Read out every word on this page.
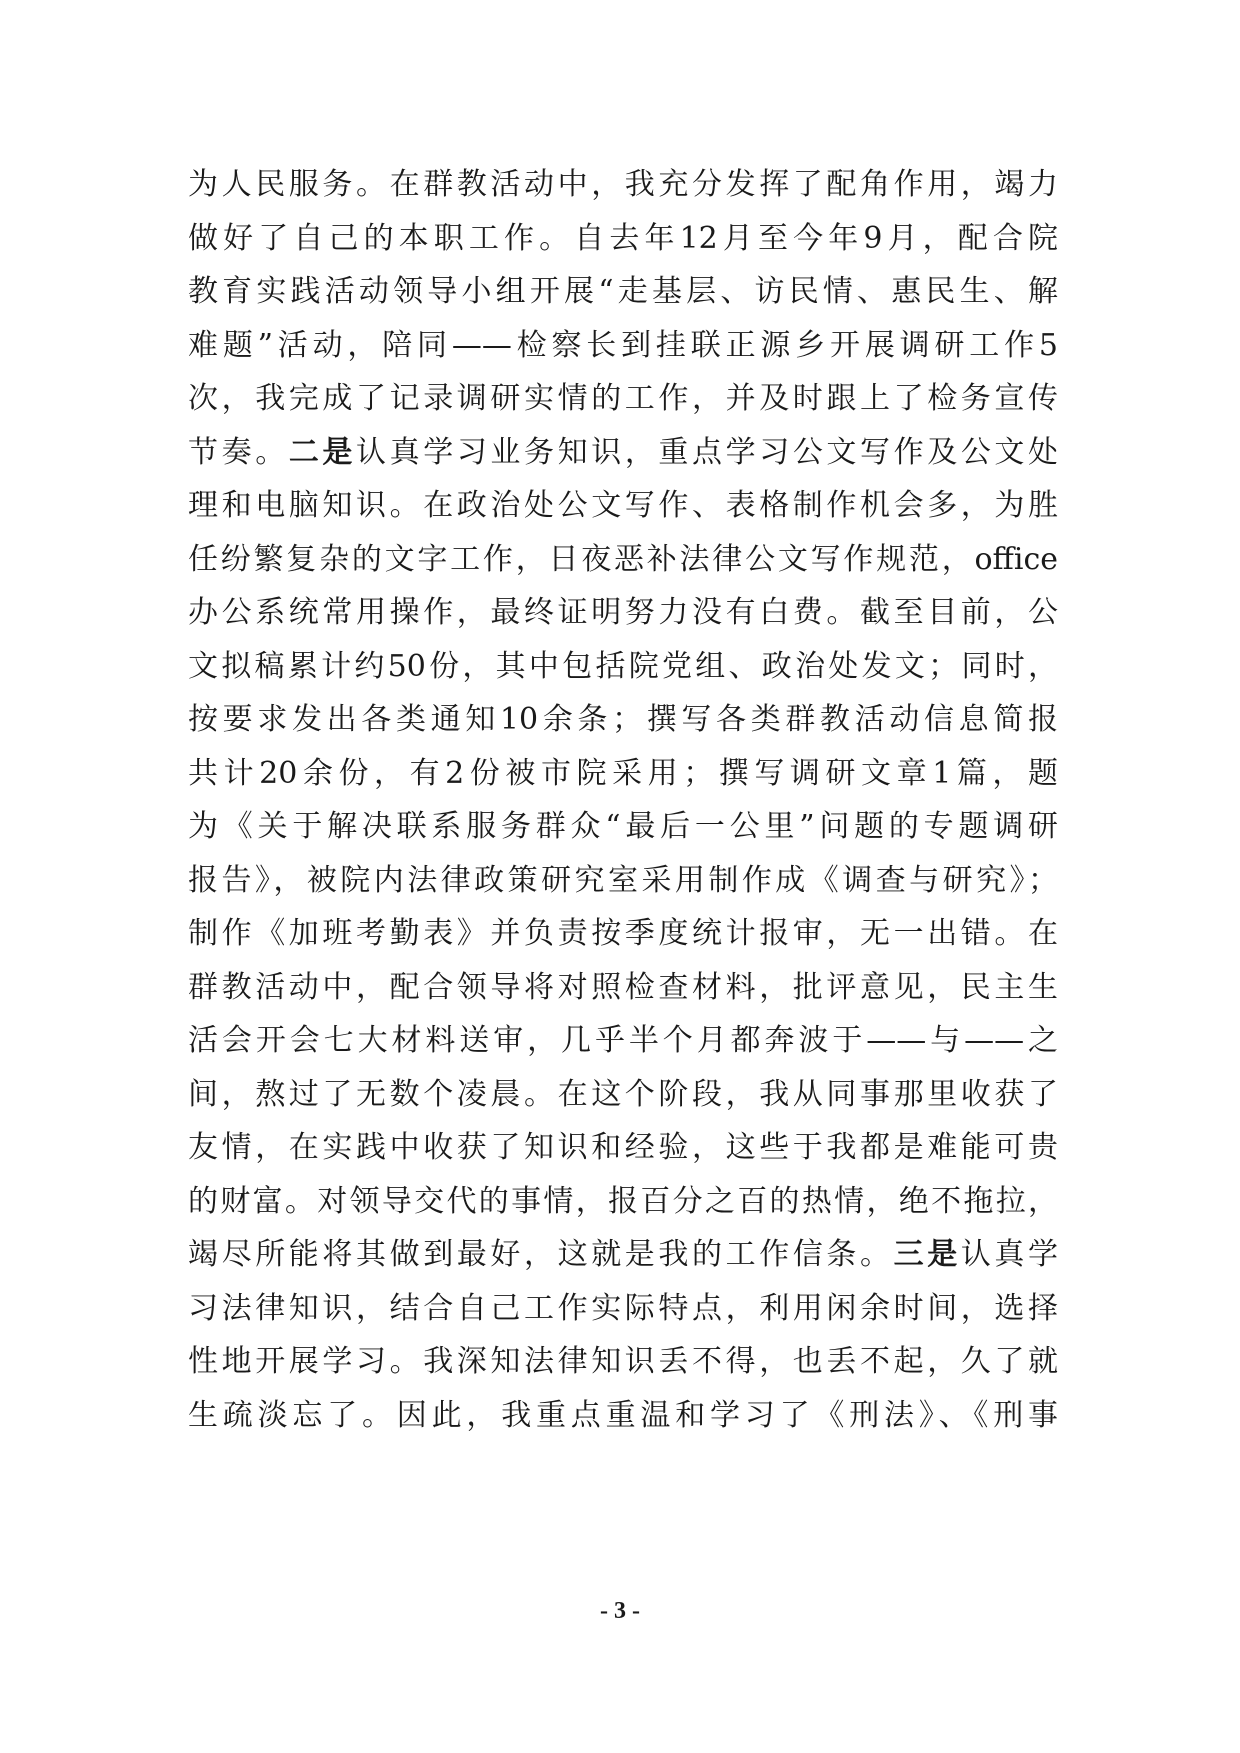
为人民服务。在群教活动中，我充分发挥了配角作用，竭力
做好了自己的本职工作。自去年12月至今年9月，配合院
教育实践活动领导小组开展“走基层、访民情、惠民生、解
难题”活动，陪同——检察长到挂联正源乡开展调研工作5
次，我完成了记录调研实情的工作，并及时跟上了检务宣传
节奏。二是认真学习业务知识，重点学习公文写作及公文处
理和电脑知识。在政治处公文写作、表格制作机会多，为胜
任纷繁复杂的文字工作，日夜恶补法律公文写作规范，office
办公系统常用操作，最终证明努力没有白费。截至目前，公
文拟稿累计约50份，其中包括院党组、政治处发文；同时，
按要求发出各类通知10余条；撰写各类群教活动信息简报
共计20余份，有2份被市院采用；撰写调研文章1篇，题
为《关于解决联系服务群众“最后一公里”问题的专题调研
报告》，被院内法律政策研究室采用制作成《调查与研究》；
制作《加班考勤表》并负责按季度统计报审，无一出错。在
群教活动中，配合领导将对照检查材料，批评意见，民主生
活会开会七大材料送审，几乎半个月都奔波于——与——之
间，熬过了无数个凌晨。在这个阶段，我从同事那里收获了
友情，在实践中收获了知识和经验，这些于我都是难能可贵
的财富。对领导交代的事情，报百分之百的热情，绝不拖拉，
竭尽所能将其做到最好，这就是我的工作信条。三是认真学
习法律知识，结合自己工作实际特点，利用闲余时间，选择
性地开展学习。我深知法律知识丢不得，也丢不起，久了就
生疏淡忘了。因此，我重点重温和学习了《刑法》、《刑事
- 3 -
